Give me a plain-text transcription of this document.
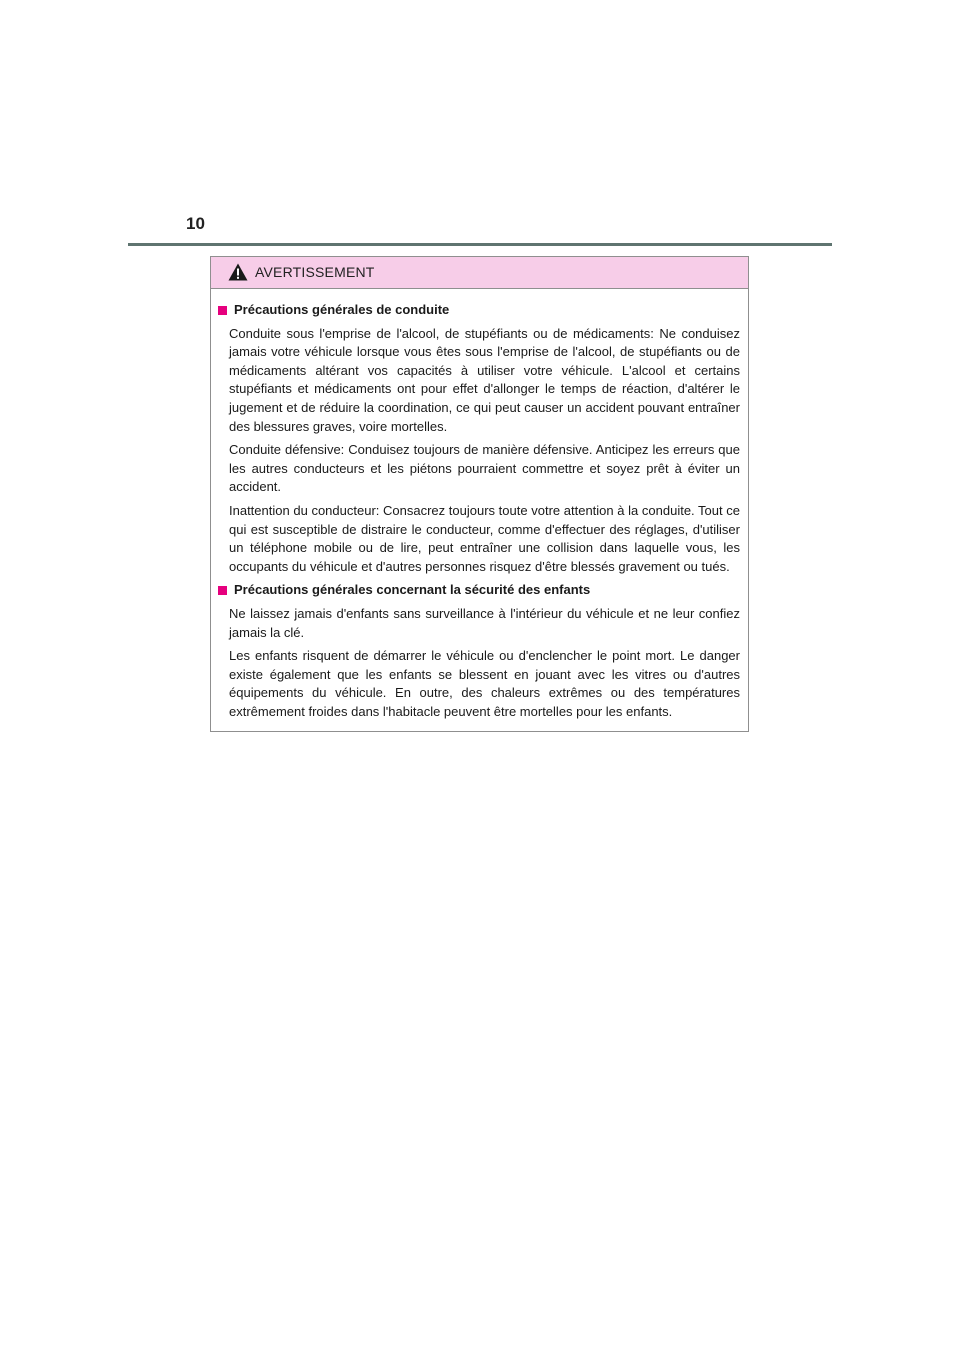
10
AVERTISSEMENT
Précautions générales de conduite

Conduite sous l'emprise de l'alcool, de stupéfiants ou de médicaments: Ne conduisez jamais votre véhicule lorsque vous êtes sous l'emprise de l'alcool, de stupéfiants ou de médicaments altérant vos capacités à utiliser votre véhicule. L'alcool et certains stupéfiants et médicaments ont pour effet d'allonger le temps de réaction, d'altérer le jugement et de réduire la coordination, ce qui peut causer un accident pouvant entraîner des blessures graves, voire mortelles.

Conduite défensive: Conduisez toujours de manière défensive. Anticipez les erreurs que les autres conducteurs et les piétons pourraient commettre et soyez prêt à éviter un accident.

Inattention du conducteur: Consacrez toujours toute votre attention à la conduite. Tout ce qui est susceptible de distraire le conducteur, comme d'effectuer des réglages, d'utiliser un téléphone mobile ou de lire, peut entraîner une collision dans laquelle vous, les occupants du véhicule et d'autres personnes risquez d'être blessés gravement ou tués.

Précautions générales concernant la sécurité des enfants

Ne laissez jamais d'enfants sans surveillance à l'intérieur du véhicule et ne leur confiez jamais la clé.

Les enfants risquent de démarrer le véhicule ou d'enclencher le point mort. Le danger existe également que les enfants se blessent en jouant avec les vitres ou d'autres équipements du véhicule. En outre, des chaleurs extrêmes ou des températures extrêmement froides dans l'habitacle peuvent être mortelles pour les enfants.
